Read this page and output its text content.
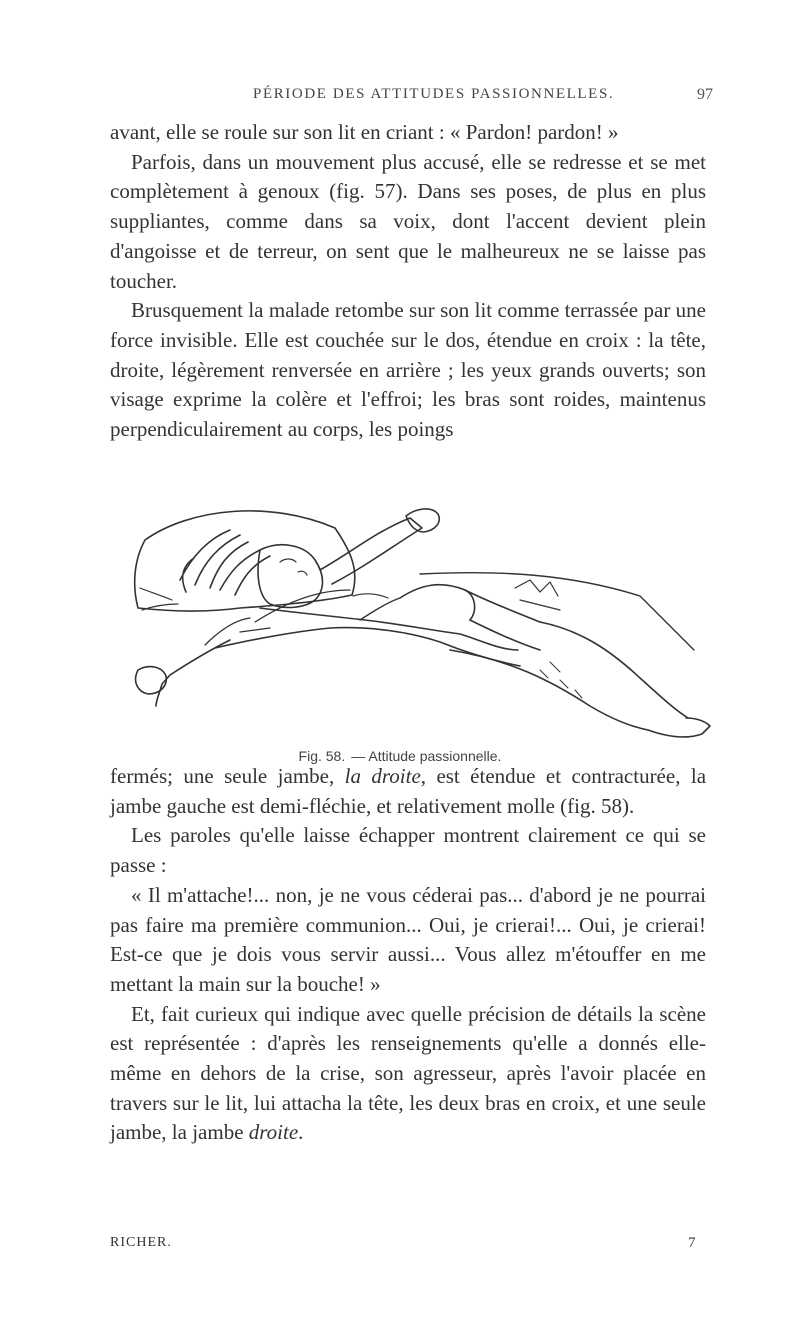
PÉRIODE DES ATTITUDES PASSIONNELLES.	97

avant, elle se roule sur son lit en criant : « Pardon! pardon! »

Parfois, dans un mouvement plus accusé, elle se redresse et se met complètement à genoux (fig. 57). Dans ses poses, de plus en plus suppliantes, comme dans sa voix, dont l'accent devient plein d'angoisse et de terreur, on sent que le malheureux ne se laisse pas toucher.

Brusquement la malade retombe sur son lit comme terrassée par une force invisible. Elle est couchée sur le dos, étendue en croix : la tête, droite, légèrement renversée en arrière ; les yeux grands ouverts; son visage exprime la colère et l'effroi; les bras sont roides, maintenus perpendiculairement au corps, les poings

Fig. 58. — Attitude passionnelle.

fermés; une seule jambe, la droite, est étendue et contracturée, la jambe gauche est demi-fléchie, et relativement molle (fig. 58).

Les paroles qu'elle laisse échapper montrent clairement ce qui se passe :

« Il m'attache!... non, je ne vous céderai pas... d'abord je ne pourrai pas faire ma première communion... Oui, je crierai!... Oui, je crierai! Est-ce que je dois vous servir aussi... Vous allez m'étouffer en me mettant la main sur la bouche! »

Et, fait curieux qui indique avec quelle précision de détails la scène est représentée : d'après les renseignements qu'elle a donnés elle-même en dehors de la crise, son agresseur, après l'avoir placée en travers sur le lit, lui attacha la tête, les deux bras en croix, et une seule jambe, la jambe droite.

RICHER.	7
